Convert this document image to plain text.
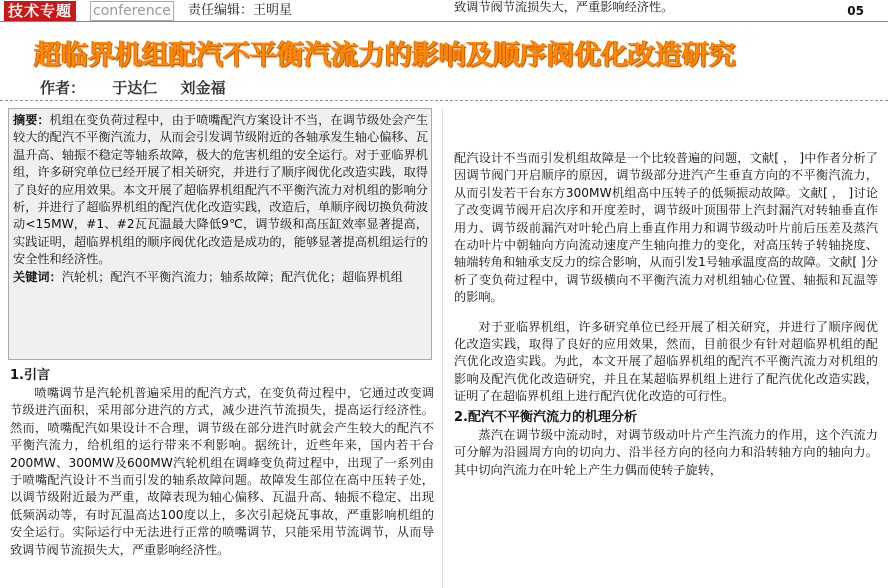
技术专题 conference 责任编辑：王明星	05
超临界机组配汽不平衡汽流力的影响及顺序阀优化改造研究
作者： 于达仁 刘金福

摘要：机组在变负荷过程中，由于喷嘴配汽方案设计不当，在调节级处会产生较大的配汽不平衡汽流力，从而会引发调节级附近的各轴承发生轴心偏移、瓦温升高、轴振不稳定等轴系故障，极大的危害机组的安全运行。对于亚临界机组，许多研究单位已经开展了相关研究，并进行了顺序阀优化改造实践，取得了良好的应用效果。本文开展了超临界机组配汽不平衡汽流力对机组的影响分析，并进行了超临界机组的配汽优化改造实践，改造后，单顺序阀切换负荷波动<15MW，#1、#2瓦瓦温最大降低9℃，调节级和高压缸效率显著提高，实践证明，超临界机组的顺序阀优化改造是成功的，能够显著提高机组运行的安全性和经济性。

关键词：汽轮机；配汽不平衡汽流力；轴系故障；配汽优化；超临界机组

1.引言

喷嘴调节是汽轮机普遍采用的配汽方式，在变负荷过程中，它通过改变调节级进汽面积，采用部分进汽的方式，减少进汽节流损失，提高运行经济性。然而，喷嘴配汽如果设计不合理，调节级在部分进汽时就会产生较大的配汽不平衡汽流力，给机组的运行带来不利影响。据统计，近些年来，国内若干台200MW、300MW及600MW汽轮机组在调峰变负荷过程中，出现了一系列由于喷嘴配汽设计不当而引发的轴系故障问题。故障发生部位在高中压转子处，以调节级附近最为严重，故障表现为轴心偏移、瓦温升高、轴振不稳定、出现低频涡动等，有时瓦温高达100度以上，多次引起烧瓦事故，严重影响机组的安全运行。实际运行中无法进行正常的喷嘴调节，只能采用节流调节，从而导致调节阀节流损失大，严重影响经济性。

致调节阀节流损失大，严重影响经济性。

配汽设计不当而引发机组故障是一个比较普遍的问题，文献[ ， ]中作者分析了因调节阀门开启顺序的原因，调节级部分进汽产生垂直方向的不平衡汽流力，从而引发若干台东方300MW机组高中压转子的低频振动故障。文献[ ， ]讨论了改变调节阀开启次序和开度差时，调节级叶顶围带上汽封漏汽对转轴垂直作用力、调节级前漏汽对叶轮凸肩上垂直作用力和调节级动叶片前后压差及蒸汽在动叶片中朝轴向方向流动速度产生轴向推力的变化，对高压转子转轴挠度、轴端转角和轴承支反力的综合影响，从而引发1号轴承温度高的故障。文献[ ]分析了变负荷过程中，调节级横向不平衡汽流力对机组轴心位置、轴振和瓦温等的影响。

对于亚临界机组，许多研究单位已经开展了相关研究，并进行了顺序阀优化改造实践，取得了良好的应用效果，然而，目前很少有针对超临界机组的配汽优化改造实践。为此，本文开展了超临界机组的配汽不平衡汽流力对机组的影响及配汽优化改造研究，并且在某超临界机组上进行了配汽优化改造实践，证明了在超临界机组上进行配汽优化改造的可行性。

2.配汽不平衡汽流力的机理分析

蒸汽在调节级中流动时，对调节级动叶片产生汽流力的作用，这个汽流力可分解为沿圆周方向的切向力、沿半径方向的径向力和沿转轴方向的轴向力。其中切向汽流力在叶轮上产生力偶而使转子旋转，
